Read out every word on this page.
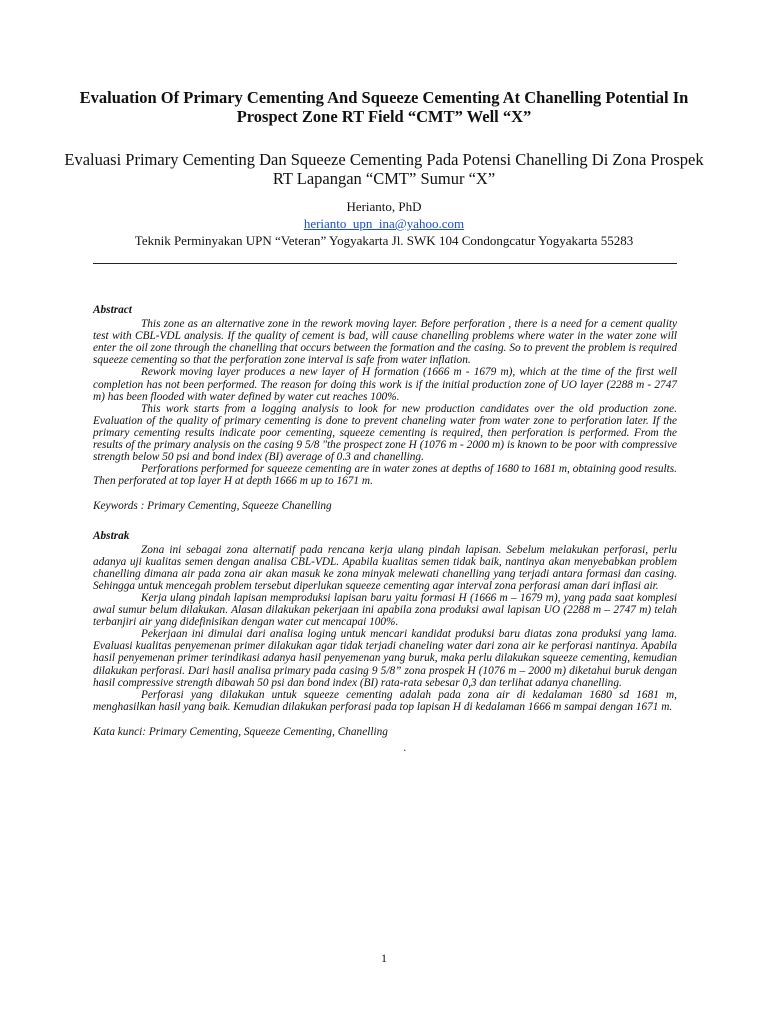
Evaluation Of Primary Cementing And Squeeze Cementing At Chanelling Potential In Prospect Zone RT Field “CMT” Well “X”
Evaluasi Primary Cementing Dan Squeeze Cementing Pada Potensi Chanelling Di Zona Prospek RT Lapangan “CMT” Sumur “X”
Herianto, PhD
herianto_upn_ina@yahoo.com
Teknik Perminyakan UPN “Veteran” Yogyakarta Jl. SWK 104 Condongcatur Yogyakarta 55283
Abstract

This zone as an alternative zone in the rework moving layer. Before perforation , there is a need for a cement quality test with CBL-VDL analysis. If the quality of cement is bad, will cause chanelling problems where water in the water zone will enter the oil zone through the chanelling that occurs between the formation and the casing. So to prevent the problem is required squeeze cementing so that the perforation zone interval is safe from water inflation.

Rework moving layer produces a new layer of H formation (1666 m - 1679 m), which at the time of the first well completion has not been performed. The reason for doing this work is if the initial production zone of UO layer (2288 m - 2747 m) has been flooded with water defined by water cut reaches 100%.

This work starts from a logging analysis to look for new production candidates over the old production zone. Evaluation of the quality of primary cementing is done to prevent chaneling water from water zone to perforation later. If the primary cementing results indicate poor cementing, squeeze cementing is required, then perforation is performed. From the results of the primary analysis on the casing 9 5/8 "the prospect zone H (1076 m - 2000 m) is known to be poor with compressive strength below 50 psi and bond index (BI) average of 0.3 and chanelling.

Perforations performed for squeeze cementing are in water zones at depths of 1680 to 1681 m, obtaining good results. Then perforated at top layer H at depth 1666 m up to 1671 m.

Keywords : Primary Cementing, Squeeze Chanelling
Abstrak

Zona ini sebagai zona alternatif pada rencana kerja ulang pindah lapisan. Sebelum melakukan perforasi, perlu adanya uji kualitas semen dengan analisa CBL-VDL. Apabila kualitas semen tidak baik, nantinya akan menyebabkan problem chanelling dimana air pada zona air akan masuk ke zona minyak melewati chanelling yang terjadi antara formasi dan casing. Sehingga untuk mencegah problem tersebut diperlukan squeeze cementing agar interval zona perforasi aman dari inflasi air.

Kerja ulang pindah lapisan memproduksi lapisan baru yaitu formasi H (1666 m – 1679 m), yang pada saat komplesi awal sumur belum dilakukan. Alasan dilakukan pekerjaan ini apabila zona produksi awal lapisan UO (2288 m – 2747 m) telah terbanjiri air yang didefinisikan dengan water cut mencapai 100%.

Pekerjaan ini dimulai dari analisa loging untuk mencari kandidat produksi baru diatas zona produksi yang lama. Evaluasi kualitas penyemenan primer dilakukan agar tidak terjadi chaneling water dari zona air ke perforasi nantinya. Apabila hasil penyemenan primer terindikasi adanya hasil penyemenan yang buruk, maka perlu dilakukan squeeze cementing, kemudian dilakukan perforasi. Dari hasil analisa primary pada casing 9 5/8” zona prospek H (1076 m – 2000 m) diketahui buruk dengan hasil compressive strength dibawah 50 psi dan bond index (BI) rata-rata sebesar 0,3 dan terlihat adanya chanelling.

Perforasi yang dilakukan untuk squeeze cementing adalah pada zona air di kedalaman 1680 sd 1681 m, menghasilkan hasil yang baik. Kemudian dilakukan perforasi pada top lapisan H di kedalaman 1666 m sampai dengan 1671 m.

Kata kunci: Primary Cementing, Squeeze Cementing, Chanelling
.
1
